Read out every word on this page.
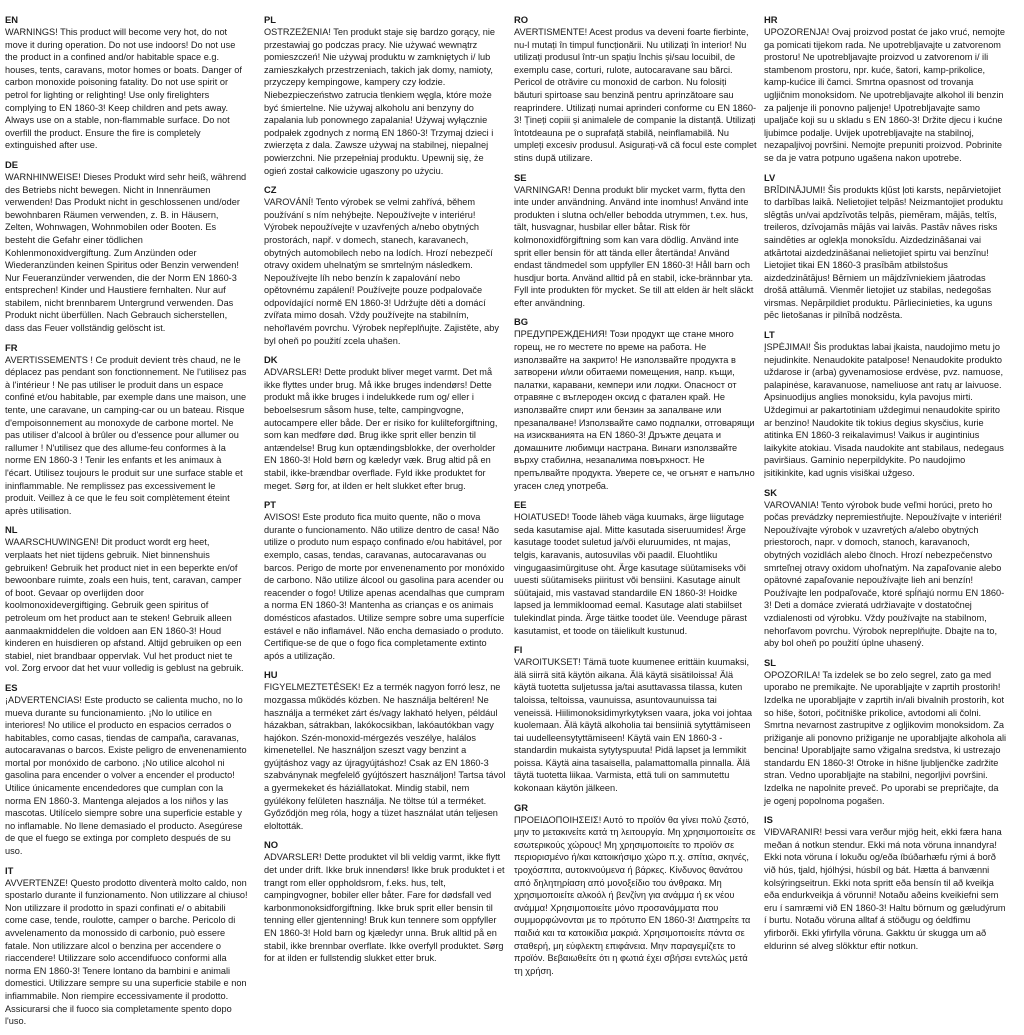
EN

WARNINGS! This product will become very hot, do not move it during operation. Do not use indoors! Do not use the product in a confined and/or habitable space e.g. houses, tents, caravans, motor homes or boats. Danger of carbon monoxide poisoning fatality. Do not use spirit or petrol for lighting or relighting! Use only firelighters complying to EN 1860-3! Keep children and pets away. Always use on a stable, non-flammable surface. Do not overfill the product. Ensure the fire is completely extinguished after use.

DE

WARNHINWEISE! Dieses Produkt wird sehr heiß, während des Betriebs nicht bewegen. Nicht in Innenräumen verwenden! Das Produkt nicht in geschlossenen und/oder bewohnbaren Räumen verwenden, z. B. in Häusern, Zelten, Wohnwagen, Wohnmobilen oder Booten. Es besteht die Gefahr einer tödlichen Kohlenmonoxidvergiftung. Zum Anzünden oder Wiederanzünden keinen Spiritus oder Benzin verwenden! Nur Feueranzünder verwenden, die der Norm EN 1860-3 entsprechen! Kinder und Haustiere fernhalten. Nur auf stabilem, nicht brennbarem Untergrund verwenden. Das Produkt nicht überfüllen. Nach Gebrauch sicherstellen, dass das Feuer vollständig gelöscht ist.

FR

AVERTISSEMENTS ! Ce produit devient très chaud, ne le déplacez pas pendant son fonctionnement. Ne l'utilisez pas à l'intérieur ! Ne pas utiliser le produit dans un espace confiné et/ou habitable, par exemple dans une maison, une tente, une caravane, un camping-car ou un bateau. Risque d'empoisonnement au monoxyde de carbone mortel. Ne pas utiliser d'alcool à brûler ou d'essence pour allumer ou rallumer ! N'utilisez que des allume-feu conformes à la norme EN 1860-3 ! Tenir les enfants et les animaux à l'écart. Utilisez toujours le produit sur une surface stable et ininflammable. Ne remplissez pas excessivement le produit. Veillez à ce que le feu soit complètement éteint après utilisation.

NL

WAARSCHUWINGEN! Dit product wordt erg heet, verplaats het niet tijdens gebruik. Niet binnenshuis gebruiken! Gebruik het product niet in een beperkte en/of bewoonbare ruimte, zoals een huis, tent, caravan, camper of boot. Gevaar op overlijden door koolmonoxidevergiftiging. Gebruik geen spiritus of petroleum om het product aan te steken! Gebruik alleen aanmaakmiddelen die voldoen aan EN 1860-3! Houd kinderen en huisdieren op afstand. Altijd gebruiken op een stabiel, niet brandbaar oppervlak. Vul het product niet te vol. Zorg ervoor dat het vuur volledig is geblust na gebruik.

ES

¡ADVERTENCIAS! Este producto se calienta mucho, no lo mueva durante su funcionamiento. ¡No lo utilice en interiores! No utilice el producto en espacios cerrados o habitables, como casas, tiendas de campaña, caravanas, autocaravanas o barcos. Existe peligro de envenenamiento mortal por monóxido de carbono. ¡No utilice alcohol ni gasolina para encender o volver a encender el producto! Utilice únicamente encendedores que cumplan con la norma EN 1860-3. Mantenga alejados a los niños y las mascotas. Utilícelo siempre sobre una superficie estable y no inflamable. No llene demasiado el producto. Asegúrese de que el fuego se extinga por completo después de su uso.

IT

AVVERTENZE! Questo prodotto diventerà molto caldo, non spostarlo durante il funzionamento. Non utilizzare al chiuso! Non utilizzare il prodotto in spazi confinati e/ o abitabili come case, tende, roulotte, camper o barche. Pericolo di avvelenamento da monossido di carbonio, può essere fatale. Non utilizzare alcol o benzina per accendere o riaccendere! Utilizzare solo accendifuoco conformi alla norma EN 1860-3! Tenere lontano da bambini e animali domestici. Utilizzare sempre su una superficie stabile e non infiammabile. Non riempire eccessivamente il prodotto. Assicurarsi che il fuoco sia completamente spento dopo l'uso.

PL

OSTRZEŻENIA! Ten produkt staje się bardzo gorący, nie przestawiaj go podczas pracy. Nie używać wewnątrz pomieszczeń! Nie używaj produktu w zamkniętych i/ lub zamieszkałych przestrzeniach, takich jak domy, namioty, przyczepy kempingowe, kampery czy łodzie. Niebezpieczeństwo zatrucia tlenkiem węgla, które może być śmiertelne. Nie używaj alkoholu ani benzyny do zapalania lub ponownego zapalania! Używaj wyłącznie podpałek zgodnych z normą EN 1860-3! Trzymaj dzieci i zwierzęta z dala. Zawsze używaj na stabilnej, niepalnej powierzchni. Nie przepełniaj produktu. Upewnij się, że ogień został całkowicie ugaszony po użyciu.

CZ

VAROVÁNÍ! Tento výrobek se velmi zahřívá, během používání s ním nehýbejte. Nepoužívejte v interiéru! Výrobek nepoužívejte v uzavřených a/nebo obytných prostorách, např. v domech, stanech, karavanech, obytných automobilech nebo na lodích. Hrozí nebezpečí otravy oxidem uhelnatým se smrtelným následkem. Nepoužívejte líh nebo benzín k zapalování nebo opětovnému zapálení! Používejte pouze podpalovače odpovídající normě EN 1860-3! Udržujte děti a domácí zvířata mimo dosah. Vždy používejte na stabilním, nehořlavém povrchu. Výrobek nepřeplňujte. Zajistěte, aby byl oheň po použití zcela uhašen.

DK

ADVARSLER! Dette produkt bliver meget varmt. Det må ikke flyttes under brug. Må ikke bruges indendørs! Dette produkt må ikke bruges i indelukkede rum og/ eller i beboelsesrum såsom huse, telte, campingvogne, autocampere eller både. Der er risiko for kulilteforgiftning, som kan medføre død. Brug ikke sprit eller benzin til antændelse! Brug kun optændingsblokke, der overholder EN 1860-3! Hold børn og kæledyr væk. Brug altid på en stabil, ikke-brændbar overflade. Fyld ikke produktet for meget. Sørg for, at ilden er helt slukket efter brug.

PT

AVISOS! Este produto fica muito quente, não o mova durante o funcionamento. Não utilize dentro de casa! Não utilize o produto num espaço confinado e/ou habitável, por exemplo, casas, tendas, caravanas, autocaravanas ou barcos. Perigo de morte por envenenamento por monóxido de carbono. Não utilize álcool ou gasolina para acender ou reacender o fogo! Utilize apenas acendalhas que cumpram a norma EN 1860-3! Mantenha as crianças e os animais domésticos afastados. Utilize sempre sobre uma superfície estável e não inflamável. Não encha demasiado o produto. Certifique-se de que o fogo fica completamente extinto após a utilização.

HU

FIGYELMEZTETÉSEK! Ez a termék nagyon forró lesz, ne mozgassa működés közben. Ne használja beltéren! Ne használja a terméket zárt és/vagy lakható helyen, például házakban, sátrakban, lakókocsikban, lakóautókban vagy hajókon. Szén-monoxid-mérgezés veszélye, halálos kimenetellel. Ne használjon szeszt vagy benzint a gyújtáshoz vagy az újragyújtáshoz! Csak az EN 1860-3 szabványnak megfelelő gyújtószert használjon! Tartsa távol a gyermekeket és háziállatokat. Mindig stabil, nem gyúlékony felületen használja. Ne töltse túl a terméket. Győződjön meg róla, hogy a tüzet használat után teljesen eloltották.

NO

ADVARSLER! Dette produktet vil bli veldig varmt, ikke flytt det under drift. Ikke bruk innendørs! Ikke bruk produktet i et trangt rom eller oppholdsrom, f.eks. hus, telt, campingvogner, bobiler eller båter. Fare for dødsfall ved karbonmonoksidforgiftning. Ikke bruk sprit eller bensin til tenning eller gjentenning! Bruk kun tennere som oppfyller EN 1860-3! Hold barn og kjæledyr unna. Bruk alltid på en stabil, ikke brennbar overflate. Ikke overfyll produktet. Sørg for at ilden er fullstendig slukket etter bruk.

RO

AVERTISMENTE! Acest produs va deveni foarte fierbinte, nu-l mutați în timpul funcționării. Nu utilizați în interior! Nu utilizați produsul într-un spațiu închis și/sau locuibil, de exemplu case, corturi, rulote, autocaravane sau bărci. Pericol de otrăvire cu monoxid de carbon. Nu folosiți băuturi spirtoase sau benzină pentru aprinzătoare sau reaprindere. Utilizați numai aprinderi conforme cu EN 1860-3! Țineți copiii și animalele de companie la distanță. Utilizați întotdeauna pe o suprafață stabilă, neinflamabilă. Nu umpleți excesiv produsul. Asigurați-vă că focul este complet stins după utilizare.

SE

VARNINGAR! Denna produkt blir mycket varm, flytta den inte under användning. Använd inte inomhus! Använd inte produkten i slutna och/eller bebodda utrymmen, t.ex. hus, tält, husvagnar, husbilar eller båtar. Risk för kolmonoxidförgiftning som kan vara dödlig. Använd inte sprit eller bensin för att tända eller återtända! Använd endast tändmedel som uppfyller EN 1860-3! Håll barn och husdjur borta. Använd alltid på en stabil, icke-brännbar yta. Fyll inte produkten för mycket. Se till att elden är helt släckt efter användning.

BG

ПРЕДУПРЕЖДЕНИЯ! Този продукт ще стане много горещ, не го местете по време на работа. Не използвайте на закрито! Не използвайте продукта в затворени и/или обитаеми помещения, напр. къщи, палатки, каравани, кемпери или лодки. Опасност от отравяне с въглероден оксид с фатален край. Не използвайте спирт или бензин за запалване или презапалване! Използвайте само подпалки, отговарящи на изискванията на EN 1860-3! Дръжте децата и домашните любимци настрана. Винаги използвайте върху стабилна, незапалима повърхност. Не препълвайте продукта. Уверете се, че огънят е напълно угасен след употреба.

EE

HOIATUSED! Toode läheb väga kuumaks, ärge liigutage seda kasutamise ajal. Mitte kasutada siseruumides! Ärge kasutage toodet suletud ja/või eluruumides, nt majas, telgis, karavanis, autosuvilas või paadil. Eluohtliku vingugaasimürgituse oht. Ärge kasutage süütamiseks või uuesti süütamiseks piiritust või bensiini. Kasutage ainult süütajaid, mis vastavad standardile EN 1860-3! Hoidke lapsed ja lemmikloomad eemal. Kasutage alati stabiilset tulekindlat pinda. Ärge täitke toodet üle. Veenduge pärast kasutamist, et toode on täielikult kustunud.

FI

VAROITUKSET! Tämä tuote kuumenee erittäin kuumaksi, älä siirrä sitä käytön aikana. Älä käytä sisätiloissa! Älä käytä tuotetta suljetussa ja/tai asuttavassa tilassa, kuten taloissa, teltoissa, vaunuissa, asuntovaunuissa tai veneissä. Hiilimonoksidimyrkytyksen vaara, joka voi johtaa kuolemaan. Älä käytä alkoholia tai bensiiniä sytyttämiseen tai uudelleensytyttämiseen! Käytä vain EN 1860-3 -standardin mukaista sytytyspuuta! Pidä lapset ja lemmikit poissa. Käytä aina tasaisella, palamattomalla pinnalla. Älä täytä tuotetta liikaa. Varmista, että tuli on sammutettu kokonaan käytön jälkeen.

GR

ΠΡΟΕΙΔΟΠΟΙΗΣΕΙΣ! Αυτό το προϊόν θα γίνει πολύ ζεστό, μην το μετακινείτε κατά τη λειτουργία. Μη χρησιμοποιείτε σε εσωτερικούς χώρους! Μη χρησιμοποιείτε το προϊόν σε περιορισμένο ή/και κατοικήσιμο χώρο π.χ. σπίτια, σκηνές, τροχόσπιτα, αυτοκινούμενα ή βάρκες. Κίνδυνος θανάτου από δηλητηρίαση από μονοξείδιο του άνθρακα. Μη χρησιμοποιείτε αλκοόλ ή βενζίνη για ανάμμα ή εκ νέου ανάμμα! Χρησιμοποιείτε μόνο προσανάμματα που συμμορφώνονται με το πρότυπο EN 1860-3! Διατηρείτε τα παιδιά και τα κατοικίδια μακριά. Χρησιμοποιείτε πάντα σε σταθερή, μη εύφλεκτη επιφάνεια. Μην παραγεμίζετε το προϊόν. Βεβαιωθείτε ότι η φωτιά έχει σβήσει εντελώς μετά τη χρήση.

HR

UPOZORENJA! Ovaj proizvod postat će jako vruć, nemojte ga pomicati tijekom rada. Ne upotrebljavajte u zatvorenom prostoru! Ne upotrebljavajte proizvod u zatvorenom i/ ili stambenom prostoru, npr. kuće, šatori, kamp-prikolice, kamp-kućice ili čamci. Smrtna opasnost od trovanja ugljičnim monoksidom. Ne upotrebljavajte alkohol ili benzin za paljenje ili ponovno paljenje! Upotrebljavajte samo upaljače koji su u skladu s EN 1860-3! Držite djecu i kućne ljubimce podalje. Uvijek upotrebljavajte na stabilnoj, nezapaljivoj površini. Nemojte prepuniti proizvod. Pobrinite se da je vatra potpuno ugašena nakon upotrebe.

LV

BRĪDINĀJUMI! Šis produkts kļūst ļoti karsts, nepārvietojiet to darbības laikā. Nelietojiet telpās! Neizmantojiet produktu slēgtās un/vai apdzīvotās telpās, piemēram, mājās, teltīs, treileros, dzīvojamās mājās vai laivās. Pastāv nāves risks saindēties ar oglekļa monoksīdu. Aizdedzināšanai vai atkārtotai aizdedzināšanai nelietojiet spirtu vai benzīnu! Lietojiet tikai EN 1860-3 prasībām atbilstošus aizdedzinātājus! Bērniem un mājdzīvniekiem jāatrodas drošā attālumā. Vienmēr lietojiet uz stabilas, nedegošas virsmas. Nepārpildiet produktu. Pārliecinieties, ka uguns pēc lietošanas ir pilnībā nodzēsta.

LT

ĮSPĖJIMAI! Šis produktas labai įkaista, naudojimo metu jo nejudinkite. Nenaudokite patalpose! Nenaudokite produkto uždarose ir (arba) gyvenamosiose erdvėse, pvz. namuose, palapinėse, karavanuose, nameliuose ant ratų ar laivuose. Apsinuodijus anglies monoksidu, kyla pavojus mirti. Uždegimui ar pakartotiniam uždegimui nenaudokite spirito ar benzino! Naudokite tik tokius degius skysčius, kurie atitinka EN 1860-3 reikalavimus! Vaikus ir augintinius laikykite atokiau. Visada naudokite ant stabilaus, nedegaus paviršiaus. Gaminio neperpildykite. Po naudojimo įsitikinkite, kad ugnis visiškai užgeso.

SK

VAROVANIA! Tento výrobok bude veľmi horúci, preto ho počas prevádzky nepremiestňujte. Nepoužívajte v interiéri! Nepoužívajte výrobok v uzavretých a/alebo obytných priestoroch, napr. v domoch, stanoch, karavanoch, obytných vozidlách alebo člnoch. Hrozí nebezpečenstvo smrteľnej otravy oxidom uhoľnatým. Na zapaľovanie alebo opätovné zapaľovanie nepoužívajte lieh ani benzín! Používajte len podpaľovače, ktoré spĺňajú normu EN 1860-3! Deti a domáce zvieratá udržiavajte v dostatočnej vzdialenosti od výrobku. Vždy používajte na stabilnom, nehorľavom povrchu. Výrobok nepreplňujte. Dbajte na to, aby bol oheň po použití úplne uhasený.

SL

OPOZORILA! Ta izdelek se bo zelo segrel, zato ga med uporabo ne premikajte. Ne uporabljajte v zaprtih prostorih! Izdelka ne uporabljajte v zaprtih in/ali bivalnih prostorih, kot so hiše, šotori, počitniške prikolice, avtodomi ali čolni. Smrtna nevarnost zastrupitve z ogljikovim monoksidom. Za prižiganje ali ponovno prižiganje ne uporabljajte alkohola ali bencina! Uporabljajte samo vžigalna sredstva, ki ustrezajo standardu EN 1860-3! Otroke in hišne ljubljenčke zadržite stran. Vedno uporabljajte na stabilni, negorljivi površini. Izdelka ne napolnite preveč. Po uporabi se prepričajte, da je ogenj popolnoma pogašen.

IS

VIÐVARANIR! Þessi vara verður mjög heit, ekki færa hana meðan á notkun stendur. Ekki má nota vöruna innandyra! Ekki nota vöruna í lokuðu og/eða íbúðarhæfu rými á borð við hús, tjald, hjólhýsi, húsbíl og bát. Hætta á banvænni kolsýringseitrun. Ekki nota spritt eða bensín til að kveikja eða endurkveikja á vörunni! Notaðu aðeins kveikiefni sem eru í samræmi við EN 1860-3! Haltu börnum og gæludýrum í burtu. Notaðu vöruna alltaf á stöðugu og óeldfimu yfirborði. Ekki yfirfylla vöruna. Gakktu úr skugga um að eldurinn sé alveg slökktur eftir notkun.
